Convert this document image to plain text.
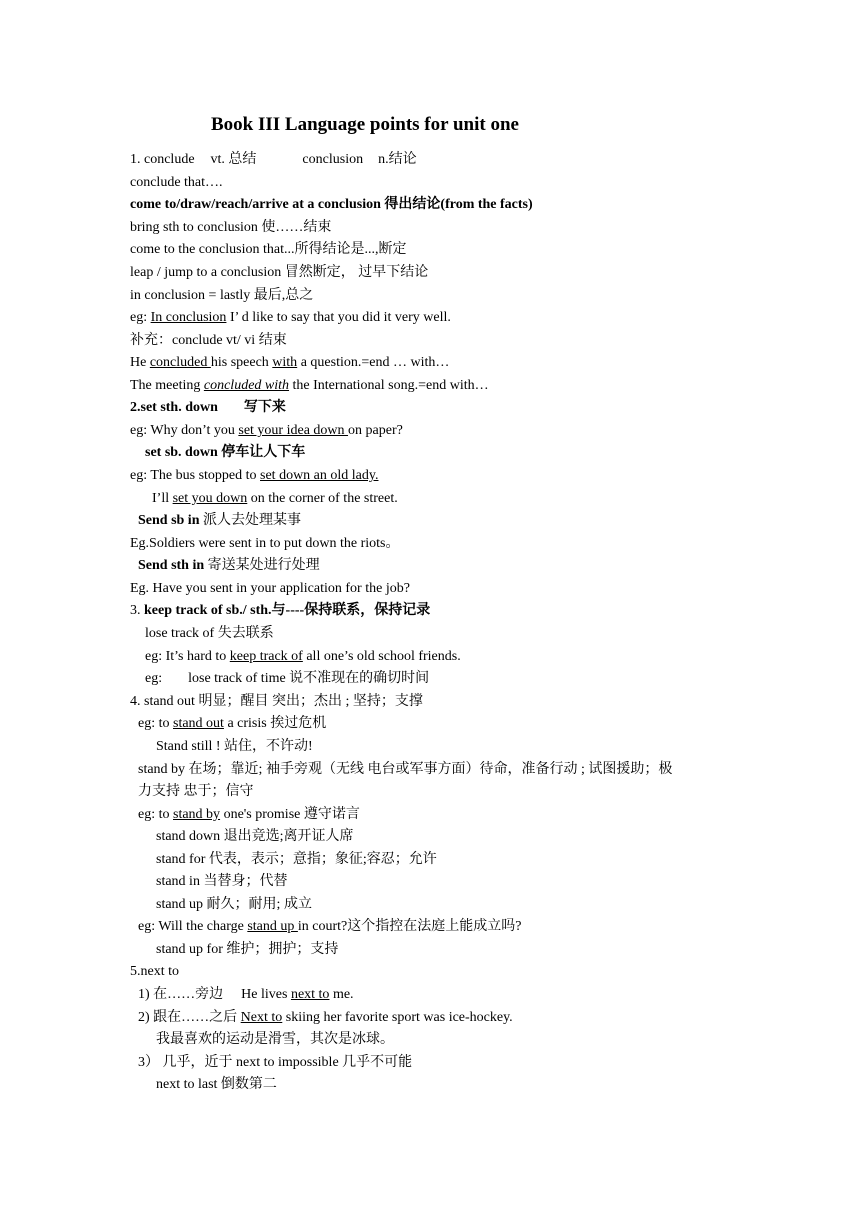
Book III Language points for unit one
1. conclude vt. 总结	conclusion n.结论
conclude that….
come to/draw/reach/arrive at a conclusion 得出结论(from the facts)
bring sth to conclusion 使……结束
come to the conclusion that...所得结论是...,断定
leap / jump to a conclusion 冒然断定， 过早下结论
in conclusion = lastly 最后,总之
eg: In conclusion I’ d like to say that you did it very well.
补充：conclude vt/ vi 结束
He concluded his speech with a question.=end … with…
The meeting concluded with the International song.=end with…
2.set sth. down 写下来
eg: Why don’t you set your idea down on paper?
set sb. down 停车让人下车
eg: The bus stopped to set down an old lady.
I’ll set you down on the corner of the street.
Send sb in 派人去处理某事
Eg.Soldiers were sent in to put down the riots。
Send sth in 寄送某处进行处理
Eg. Have you sent in your application for the job?
3. keep track of sb./ sth.与----保持联系，保持记录
lose track of 失去联系
eg: It’s hard to keep track of all one’s old school friends.
eg: lose track of time 说不准现在的确切时间
4. stand out 明显；醒目 突出；杰出 ; 坚持；支撑
eg: to stand out a crisis 挨过危机
Stand still ! 站住，不许动!
stand by 在场；靠近; 袖手旁观（无线 电台或军事方面）待命，准备行动 ; 试图援助；极
力支持 忠于；信守
eg: to stand by one's promise 遵守诺言
stand down 退出竞选;离开证人席
stand for 代表，表示；意指；象征;容忍；允许
stand in 当替身；代替
stand up 耐久；耐用; 成立
eg: Will the charge stand up in court?这个指控在法庭上能成立吗?
stand up for 维护；拥护；支持
5.next to
1) 在……旁边 He lives next to me.
2) 跟在……之后 Next to skiing her favorite sport was ice-hockey.
我最喜欢的运动是滑雪，其次是冰球。
3） 几乎，近于 next to impossible 几乎不可能
next to last 倒数第二
